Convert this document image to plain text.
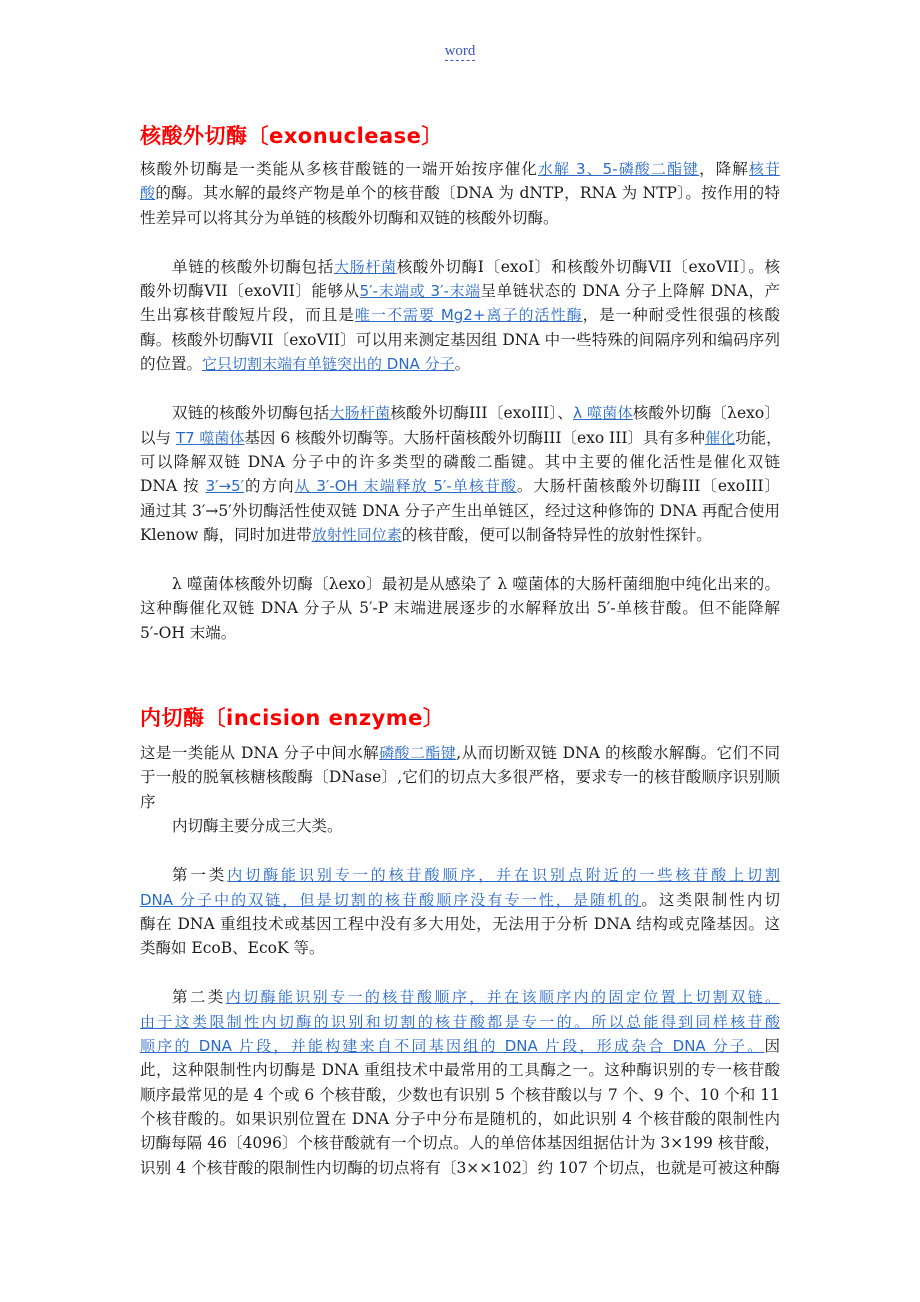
word
核酸外切酶〔exonuclease〕
核酸外切酶是一类能从多核苷酸链的一端开始按序催化水解 3、5-磷酸二酯键，降解核苷
酸的酶。其水解的最终产物是单个的核苷酸〔DNA 为 dNTP，RNA 为 NTP〕。按作用的特
性差异可以将其分为单链的核酸外切酶和双链的核酸外切酶。
单链的核酸外切酶包括大肠杆菌核酸外切酶I〔exoI〕和核酸外切酶VII〔exoVII〕。核
酸外切酶VII〔exoVII〕能够从5′-末端或 3′-末端呈单链状态的 DNA 分子上降解 DNA，产
生出寡核苷酸短片段，而且是唯一不需要 Mg2+离子的活性酶，是一种耐受性很强的核酸
酶。核酸外切酶VII〔exoVII〕可以用来测定基因组 DNA 中一些特殊的间隔序列和编码序列
的位置。它只切割末端有单链突出的 DNA 分子。
双链的核酸外切酶包括大肠杆菌核酸外切酶III〔exoIII〕、λ 噬菌体核酸外切酶〔λexo〕
以与 T7 噬菌体基因 6 核酸外切酶等。大肠杆菌核酸外切酶III〔exo III〕具有多种催化功能，
可以降解双链 DNA 分子中的许多类型的磷酸二酯键。其中主要的催化活性是催化双链
DNA 按 3′→5′的方向从 3′-OH 末端释放 5′-单核苷酸。大肠杆菌核酸外切酶III〔exoIII〕
通过其 3′→5′外切酶活性使双链 DNA 分子产生出单链区，经过这种修饰的 DNA 再配合使用
Klenow 酶，同时加进带放射性同位素的核苷酸，便可以制备特异性的放射性探针。
λ 噬菌体核酸外切酶〔λexo〕最初是从感染了 λ 噬菌体的大肠杆菌细胞中纯化出来的。
这种酶催化双链 DNA 分子从 5′-P 末端进展逐步的水解释放出 5′-单核苷酸。但不能降解
5′-OH 末端。
内切酶〔incision enzyme〕
这是一类能从 DNA 分子中间水解磷酸二酯键,从而切断双链 DNA 的核酸水解酶。它们不同
于一般的脱氧核糖核酸酶〔DNase〕,它们的切点大多很严格，要求专一的核苷酸顺序识别顺
序
内切酶主要分成三大类。
第一类内切酶能识别专一的核苷酸顺序，并在识别点附近的一些核苷酸上切割
DNA 分子中的双链，但是切割的核苷酸顺序没有专一性，是随机的。这类限制性内切
酶在 DNA 重组技术或基因工程中没有多大用处，无法用于分析 DNA 结构或克隆基因。这
类酶如 EcoB、EcoK 等。
第二类内切酶能识别专一的核苷酸顺序，并在该顺序内的固定位置上切割双链。
由于这类限制性内切酶的识别和切割的核苷酸都是专一的。所以总能得到同样核苷酸
顺序的 DNA 片段，并能构建来自不同基因组的 DNA 片段，形成杂合 DNA 分子。因
此，这种限制性内切酶是 DNA 重组技术中最常用的工具酶之一。这种酶识别的专一核苷酸
顺序最常见的是 4 个或 6 个核苷酸，少数也有识别 5 个核苷酸以与 7 个、9 个、10 个和 11
个核苷酸的。如果识别位置在 DNA 分子中分布是随机的，如此识别 4 个核苷酸的限制性内
切酶每隔 46〔4096〕个核苷酸就有一个切点。人的单倍体基因组据估计为 3×199 核苷酸，
识别 4 个核苷酸的限制性内切酶的切点将有〔3××102〕约 107 个切点，也就是可被这种酶
